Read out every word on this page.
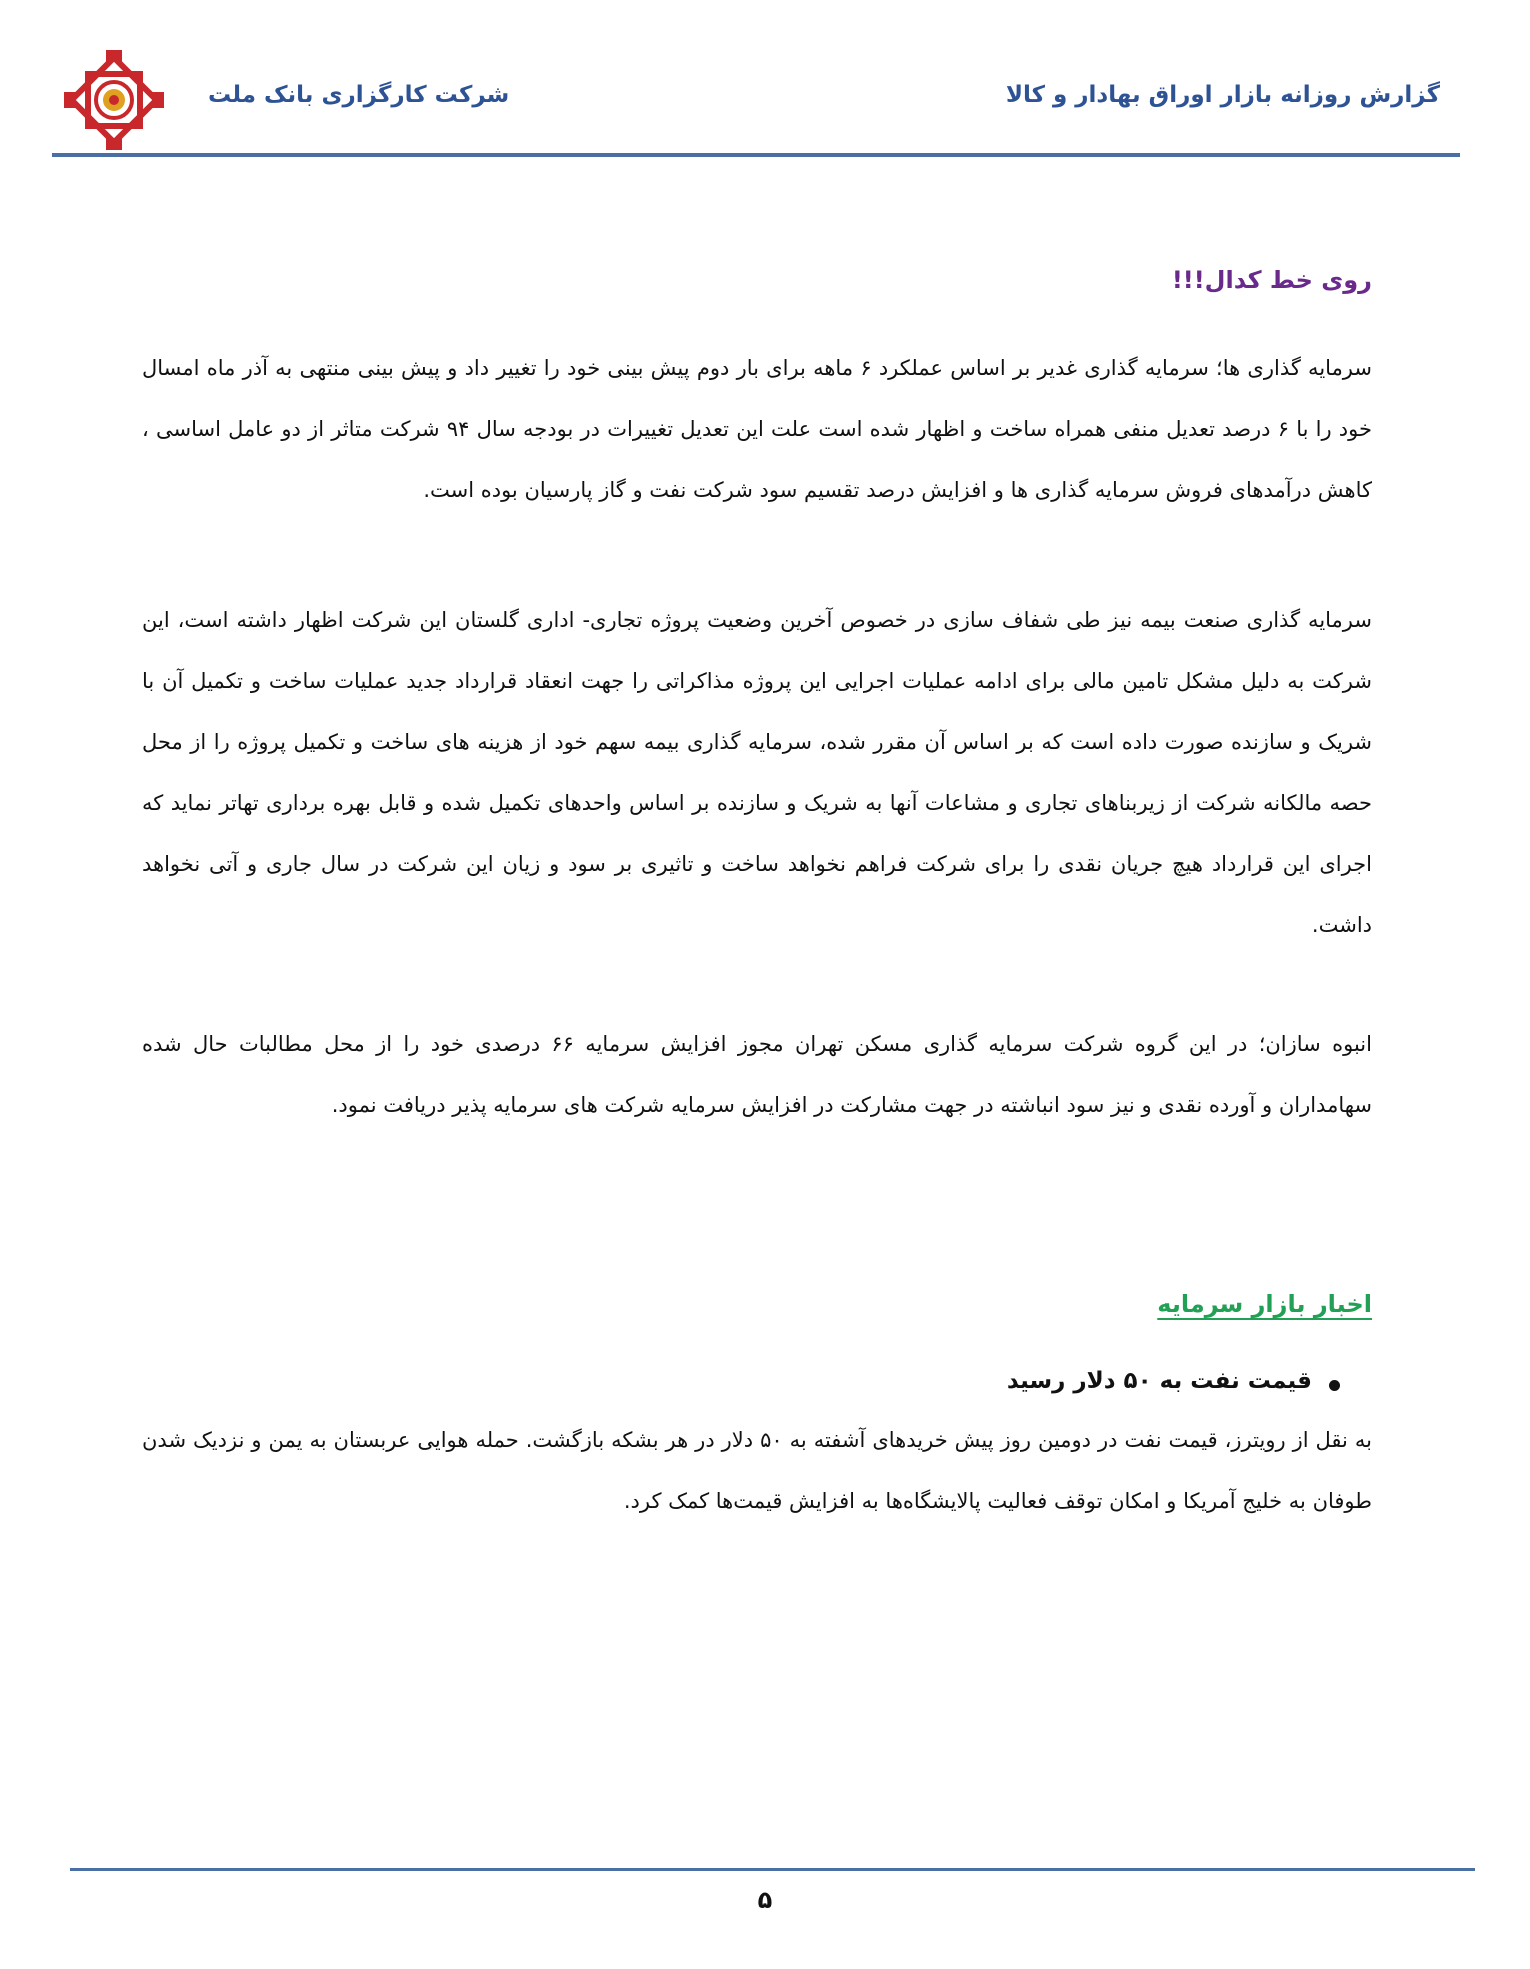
شرکت کارگزاری بانک ملت	گزارش روزانه بازار اوراق بهادار و کالا
روی خط کدال!!!
سرمایه گذاری ها؛ سرمایه گذاری غدیر بر اساس عملکرد ۶ ماهه برای بار دوم پیش بینی خود را تغییر داد و پیش بینی منتهی به آذر ماه امسال خود را با ۶ درصد تعدیل منفی همراه ساخت و اظهار شده است علت این تعدیل تغییرات در بودجه سال ۹۴ شرکت متاثر از دو عامل اساسی ، کاهش درآمدهای فروش سرمایه گذاری ها و افزایش درصد تقسیم سود شرکت نفت و گاز پارسیان بوده است.
سرمایه گذاری صنعت بیمه نیز طی شفاف سازی در خصوص آخرین وضعیت پروژه تجاری- اداری گلستان این شرکت اظهار داشته است، این شرکت به دلیل مشکل تامین مالی برای ادامه عملیات اجرایی این پروژه مذاکراتی را جهت انعقاد قرارداد جدید عملیات ساخت و تکمیل آن با شریک و سازنده صورت داده است که بر اساس آن مقرر شده، سرمایه گذاری بیمه سهم خود از هزینه های ساخت و تکمیل پروژه را از محل حصه مالکانه شرکت از زیربناهای تجاری و مشاعات آنها به شریک و سازنده بر اساس واحدهای تکمیل شده و قابل بهره برداری تهاتر نماید که اجرای این قرارداد هیچ جریان نقدی را برای شرکت فراهم نخواهد ساخت و تاثیری بر سود و زیان این شرکت در سال جاری و آتی نخواهد داشت.
انبوه سازان؛ در این گروه شرکت سرمایه گذاری مسکن تهران مجوز افزایش سرمایه ۶۶ درصدی خود را از محل مطالبات حال شده سهامداران و آورده نقدی و نیز سود انباشته در جهت مشارکت در افزایش سرمایه شرکت های سرمایه پذیر دریافت نمود.
اخبار بازار سرمایه
قیمت نفت به ۵۰ دلار رسید
به نقل از رویترز، قیمت نفت در دومین روز پیش خریدهای آشفته به ۵۰ دلار در هر بشکه بازگشت. حمله هوایی عربستان به یمن و نزدیک شدن طوفان به خلیج آمریکا و امکان توقف فعالیت پالایشگاه‌ها به افزایش قیمت‌ها کمک کرد.
۵
